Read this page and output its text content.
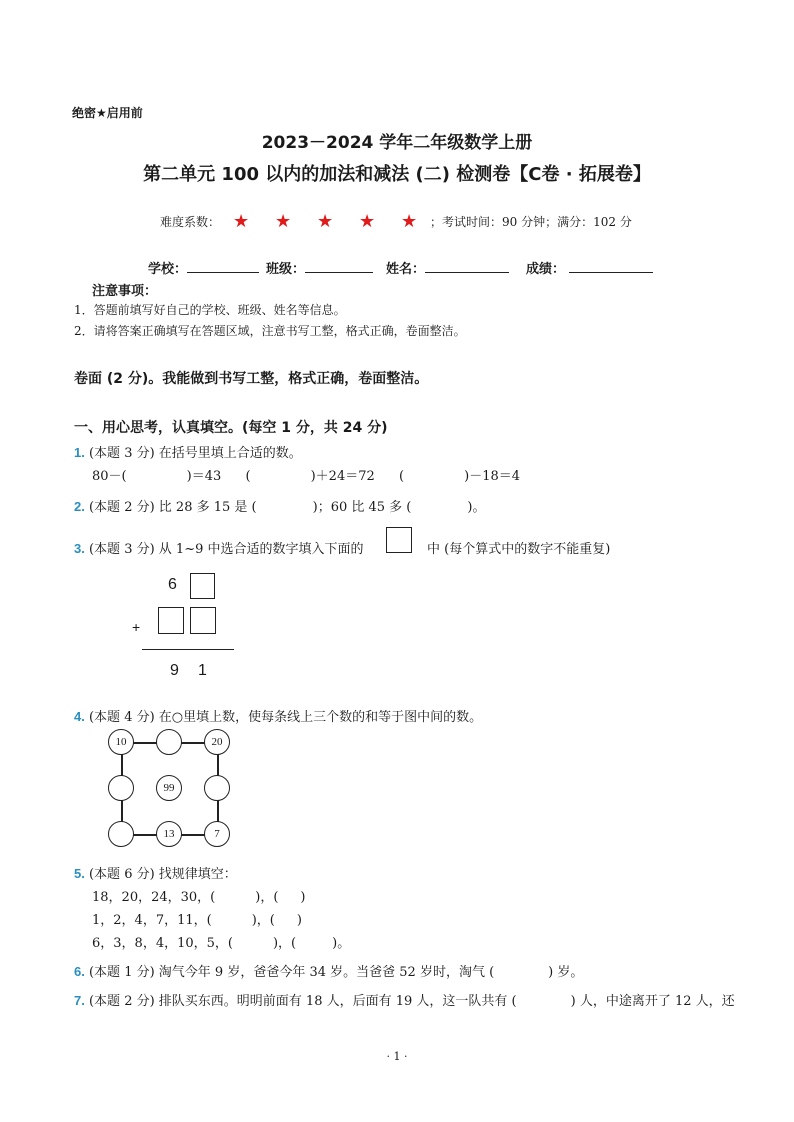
绝密★启用前
2023－2024 学年二年级数学上册
第二单元 100 以内的加法和减法 (二) 检测卷【C卷 · 拓展卷】
难度系数： ★ ★ ★ ★ ★	；考试时间：90 分钟；满分：102 分
学校：	班级：	姓名：	成绩：
注意事项：
1．答题前填写好自己的学校、班级、姓名等信息。
2．请将答案正确填写在答题区域，注意书写工整，格式正确，卷面整洁。
卷面 (2 分)。我能做到书写工整，格式正确，卷面整洁。
一、用心思考，认真填空。(每空 1 分，共 24 分)
1. (本题 3 分) 在括号里填上合适的数。
80－(	)＝43 (	)＋24＝72 (	)－18＝4
2. (本题 2 分) 比 28 多 15 是 (	)；60 比 45 多 (	)。
3. (本题 3 分) 从 1~9 中选合适的数字填入下面的	中 (每个算式中的数字不能重复)
6
+
9 1
4. (本题 4 分) 在○里填上数，使每条线上三个数的和等于图中间的数。
10	20
99
13	7
5. (本题 6 分) 找规律填空：
18，20，24，30，(	)，( )
1，2，4，7，11，(	)，( )
6，3，8，4，10，5，(	)，(	)。
6. (本题 1 分) 淘气今年 9 岁，爸爸今年 34 岁。当爸爸 52 岁时，淘气 (	) 岁。
7. (本题 2 分) 排队买东西。明明前面有 18 人，后面有 19 人，这一队共有 (	) 人，中途离开了 12 人，还
· 1 ·
